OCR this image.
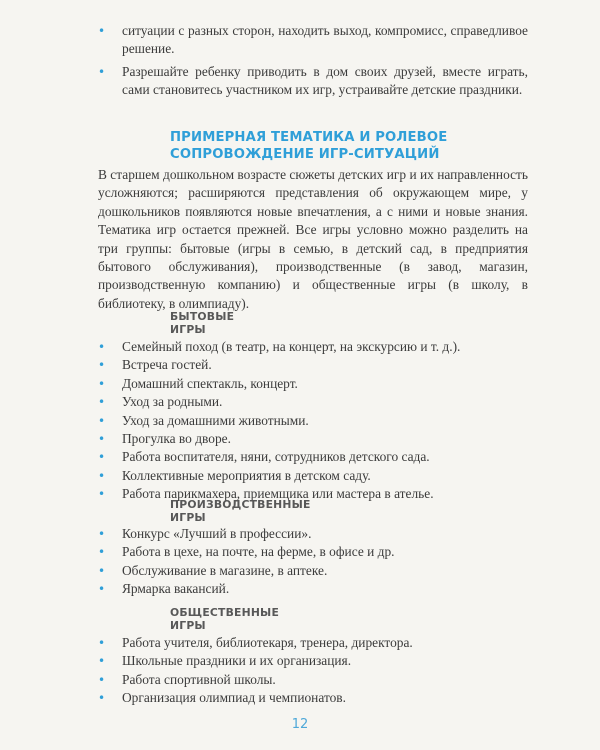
• ситуации с разных сторон, находить выход, компромисс, справедливое решение.
• Разрешайте ребенку приводить в дом своих друзей, вместе играть, сами становитесь участником их игр, устраивайте детские праздники.
ПРИМЕРНАЯ ТЕМАТИКА И РОЛЕВОЕ
СОПРОВОЖДЕНИЕ ИГР-СИТУАЦИЙ

В старшем дошкольном возрасте сюжеты детских игр и их направленность усложняются; расширяются представления об окружающем мире, у дошкольников появляются новые впечатления, а с ними и новые знания. Тематика игр остается прежней. Все игры условно можно разделить на три группы: бытовые (игры в семью, в детский сад, в предприятия бытового обслуживания), производственные (в завод, магазин, производственную компанию) и общественные игры (в школу, в библиотеку, в олимпиаду).

БЫТОВЫЕ
ИГРЫ
• Семейный поход (в театр, на концерт, на экскурсию и т. д.).
• Встреча гостей.
• Домашний спектакль, концерт.
• Уход за родными.
• Уход за домашними животными.
• Прогулка во дворе.
• Работа воспитателя, няни, сотрудников детского сада.
• Коллективные мероприятия в детском саду.
• Работа парикмахера, приемщика или мастера в ателье.
ПРОИЗВОДСТВЕННЫЕ
ИГРЫ
• Конкурс «Лучший в профессии».
• Работа в цехе, на почте, на ферме, в офисе и др.
• Обслуживание в магазине, в аптеке.
• Ярмарка вакансий.
ОБЩЕСТВЕННЫЕ
ИГРЫ
• Работа учителя, библиотекаря, тренера, директора.
• Школьные праздники и их организация.
• Работа спортивной школы.
• Организация олимпиад и чемпионатов.
12
